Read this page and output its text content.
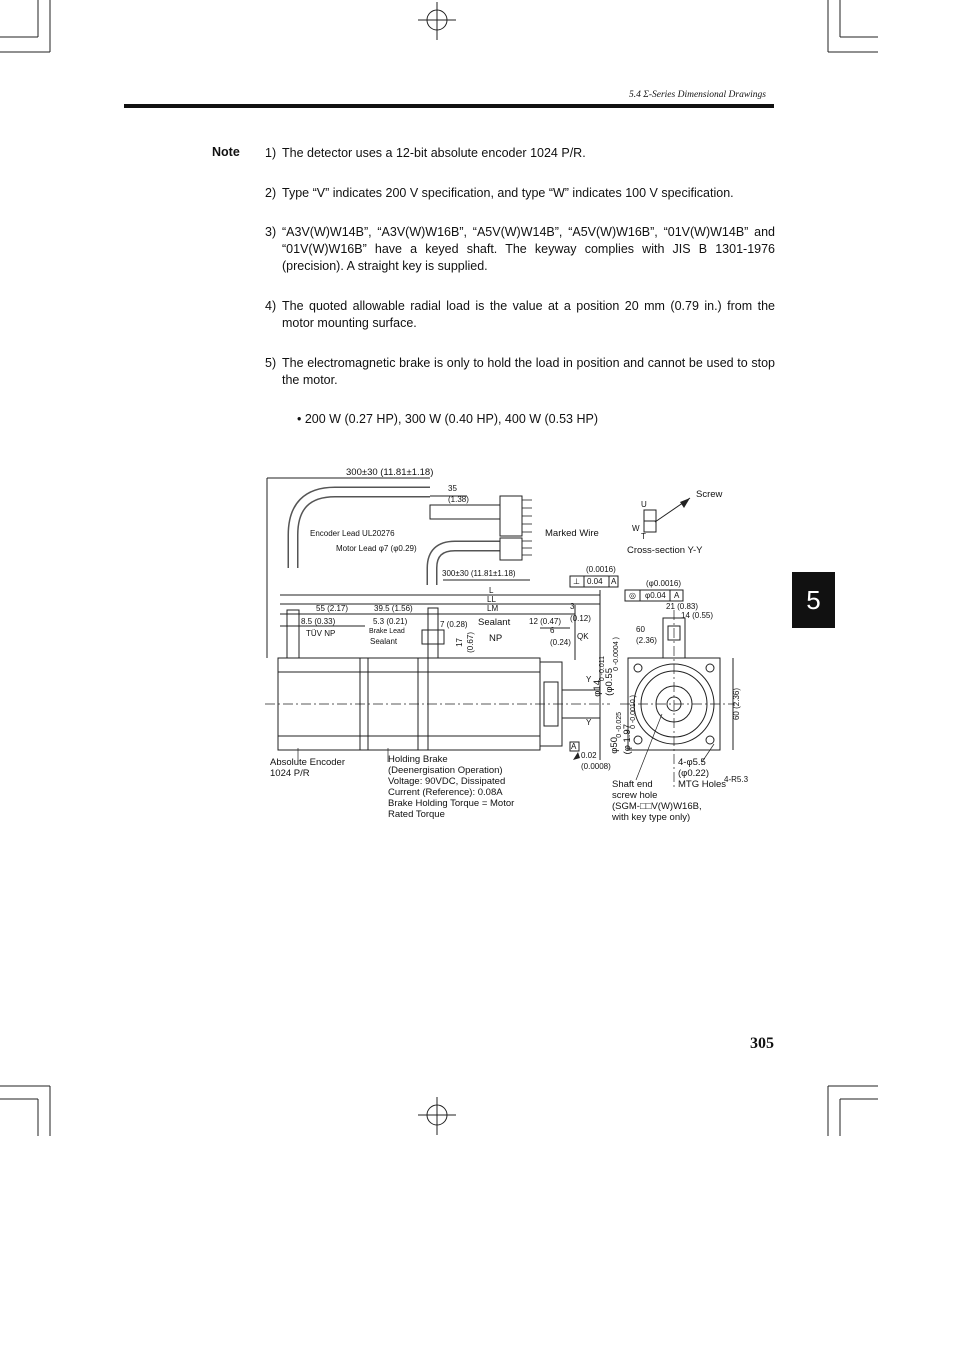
5.4 Σ-Series Dimensional Drawings
Note 1) The detector uses a 12-bit absolute encoder 1024 P/R.
2) Type “V” indicates 200 V specification, and type “W” indicates 100 V specification.
3) “A3V(W)W14B”, “A3V(W)W16B”, “A5V(W)W14B”, “A5V(W)W16B”, “01V(W)W14B” and “01V(W)W16B” have a keyed shaft. The keyway complies with JIS B 1301-1976 (precision). A straight key is supplied.
4) The quoted allowable radial load is the value at a position 20 mm (0.79 in.) from the motor mounting surface.
5) The electromagnetic brake is only to hold the load in position and cannot be used to stop the motor.
• 200 W (0.27 HP), 300 W (0.40 HP), 400 W (0.53 HP)
300±30 (11.81±1.18)
35
(1.38)
Encoder Lead UL20276
Motor Lead φ7 (φ0.29)
Marked Wire
300±30 (11.81±1.18)
Screw
U
W
T
Cross-section Y-Y
(0.0016)
⊥ 0.04 A	(φ0.0016)
◎ φ0.04 A
L
LL
LM
55 (2.17)	39.5 (1.56)
8.5 (0.33)	5.3 (0.21)
TÜV NP	Brake Lead
Sealant
7 (0.28) Sealant
NP
17 (0.67)
3
(0.12)
12 (0.47)
6
(0.24)
QK
21 (0.83)
14 (0.55)
60
(2.36)
60 (2.36)
φ14
0 -0.011
(φ0.55
0 -0.0004 )
Y
Y
φ50
0 -0.025 (φ 1.97
0 -0.0010 )
A
0.02
(0.0008)
Absolute Encoder
1024 P/R
Holding Brake
(Deenergisation Operation)
Voltage: 90VDC, Dissipated
Current (Reference): 0.08A
Brake Holding Torque = Motor
Rated Torque
Shaft end
screw hole
(SGM-□□V(W)W16B,
with key type only)
4-φ5.5
(φ0.22)
MTG Holes
4-R5.3
5
305
